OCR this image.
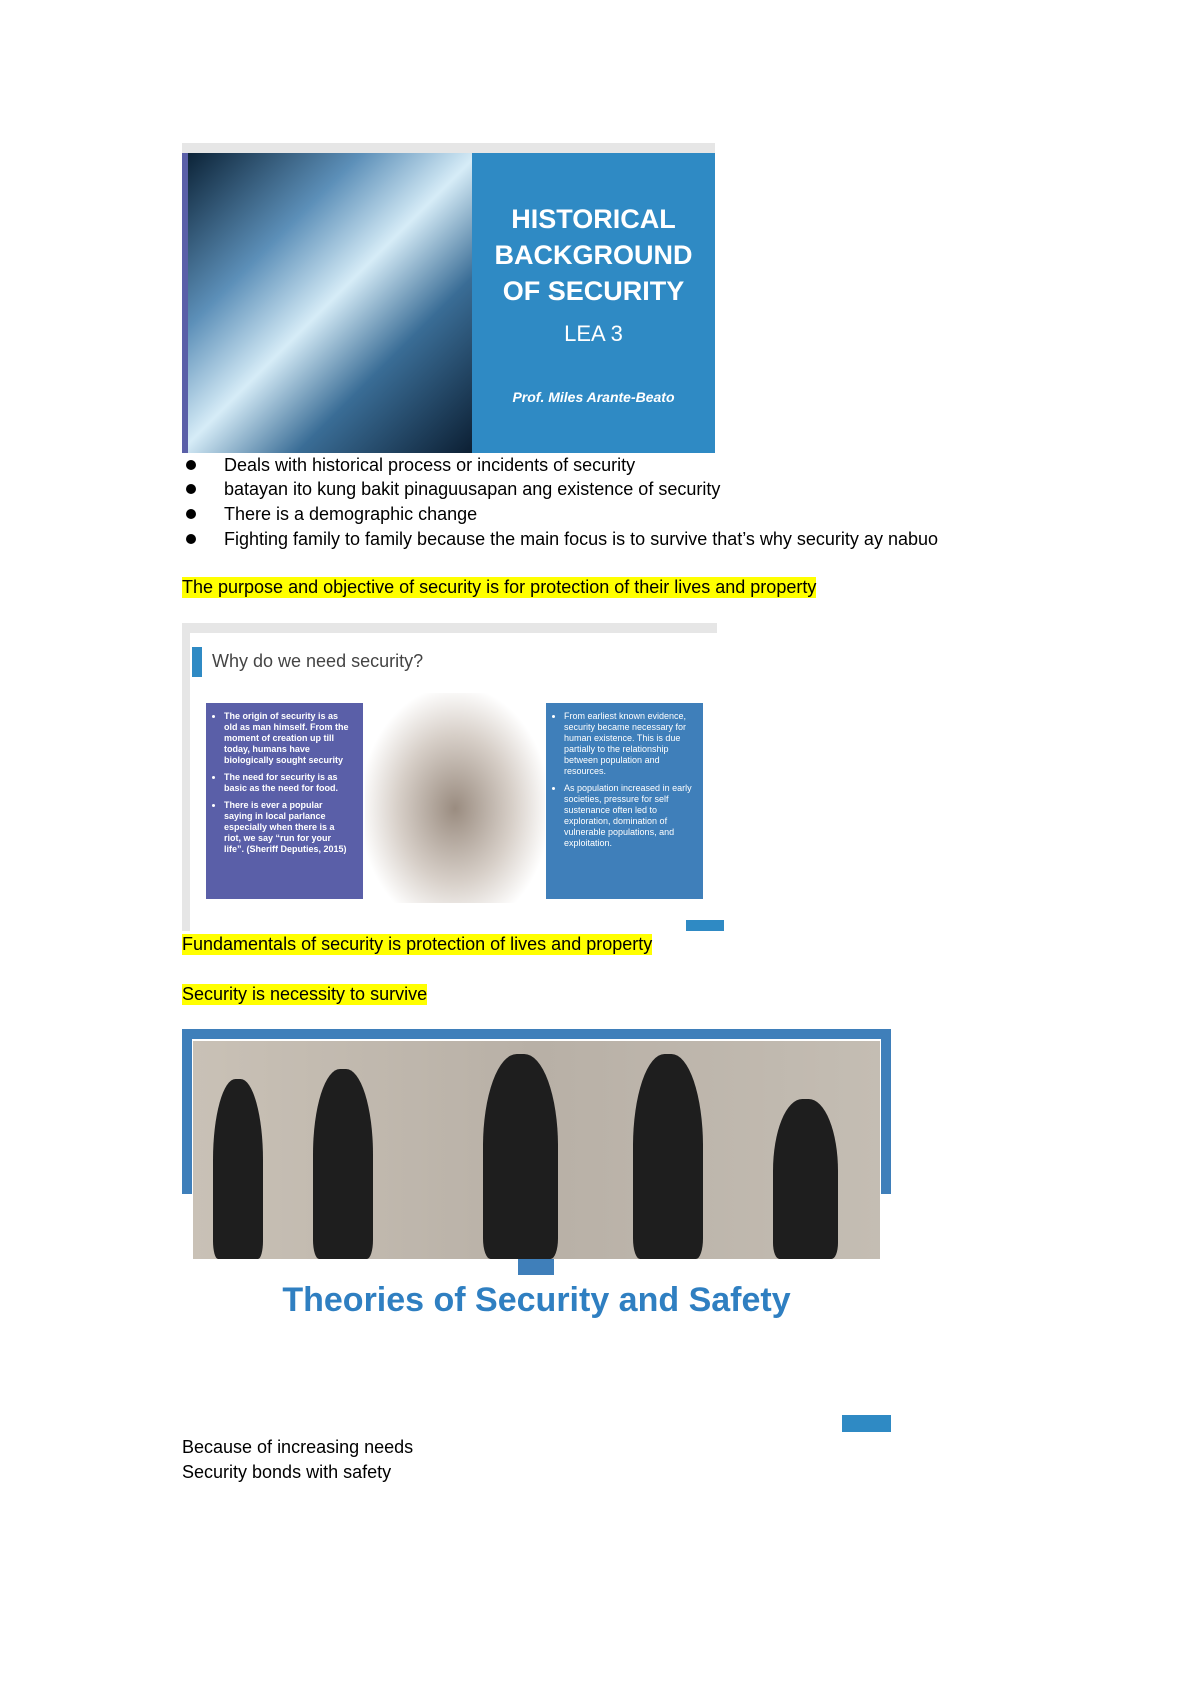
HISTORICAL
BACKGROUND
OF SECURITY
LEA 3
Prof. Miles Arante-Beato
Deals with historical process or incidents of security
batayan ito kung bakit pinaguusapan ang existence of security
There is a demographic change
Fighting family to family because the main focus is to survive that’s why security ay nabuo
The purpose and objective of security is for protection of their lives and property
Why do we need security?
• The origin of security is as old as man himself. From the moment of creation up till today, humans have biologically sought security
• The need for security is as basic as the need for food.
• There is ever a popular saying in local parlance especially when there is a riot, we say “run for your life”. (Sheriff Deputies, 2015)
• From earliest known evidence, security became necessary for human existence. This is due partially to the relationship between population and resources.
• As population increased in early societies, pressure for self sustenance often led to exploration, domination of vulnerable populations, and exploitation.
Fundamentals of security is protection of lives and property
Security is necessity to survive
Theories of Security and Safety
Because of increasing needs
Security bonds with safety
